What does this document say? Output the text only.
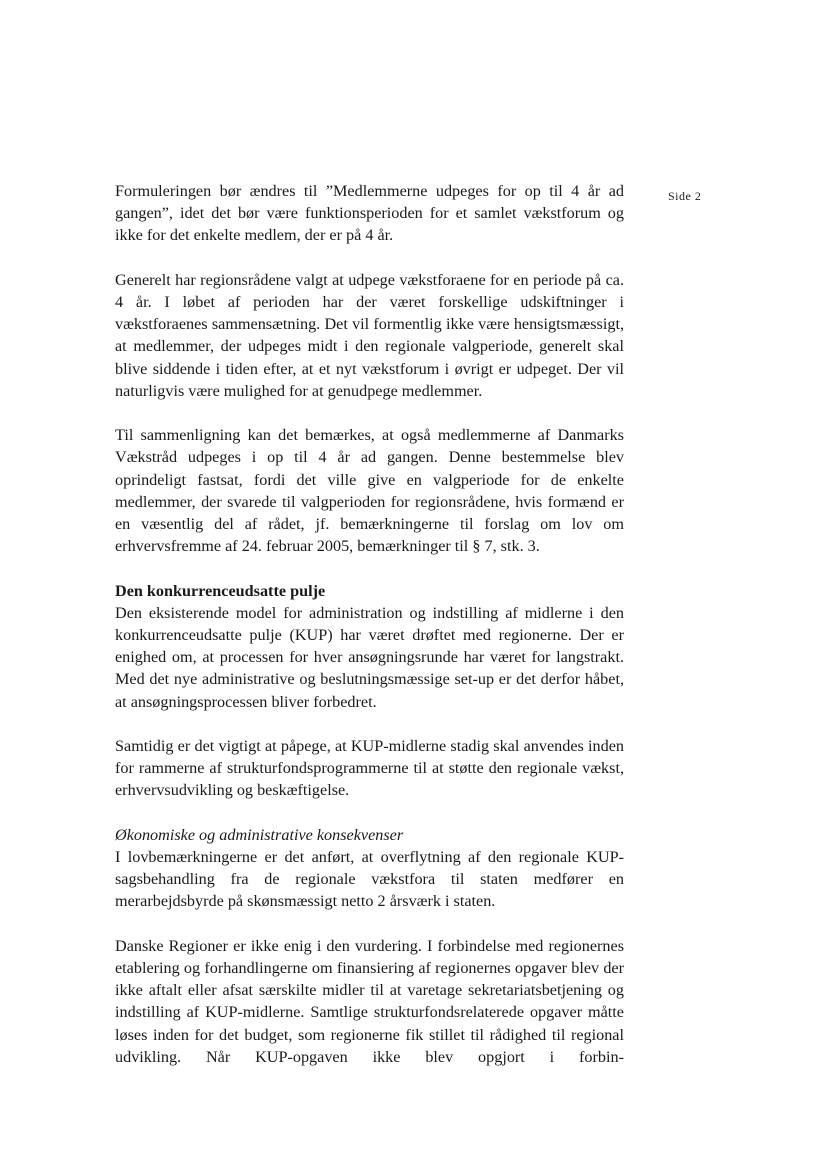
Side 2

Formuleringen bør ændres til ”Medlemmerne udpeges for op til 4 år ad gangen”, idet det bør være funktionsperioden for et samlet vækstforum og ikke for det enkelte medlem, der er på 4 år.

Generelt har regionsrådene valgt at udpege vækstforaene for en periode på ca. 4 år. I løbet af perioden har der været forskellige udskiftninger i vækstforaenes sammensætning. Det vil formentlig ikke være hensigtsmæssigt, at medlemmer, der udpeges midt i den regionale valgperiode, generelt skal blive siddende i tiden efter, at et nyt vækstforum i øvrigt er udpeget. Der vil naturligvis være mulighed for at genudpege medlemmer.

Til sammenligning kan det bemærkes, at også medlemmerne af Danmarks Vækstråd udpeges i op til 4 år ad gangen. Denne bestemmelse blev oprindeligt fastsat, fordi det ville give en valgperiode for de enkelte medlemmer, der svarede til valgperioden for regionsrådene, hvis formænd er en væsentlig del af rådet, jf. bemærkningerne til forslag om lov om erhvervsfremme af 24. februar 2005, bemærkninger til § 7, stk. 3.

Den konkurrenceudsatte pulje

Den eksisterende model for administration og indstilling af midlerne i den konkurrenceudsatte pulje (KUP) har været drøftet med regionerne. Der er enighed om, at processen for hver ansøgningsrunde har været for langstrakt. Med det nye administrative og beslutningsmæssige set-up er det derfor håbet, at ansøgningsprocessen bliver forbedret.

Samtidig er det vigtigt at påpege, at KUP-midlerne stadig skal anvendes inden for rammerne af strukturfondsprogrammerne til at støtte den regionale vækst, erhvervsudvikling og beskæftigelse.

Økonomiske og administrative konsekvenser

I lovbemærkningerne er det anført, at overflytning af den regionale KUP-sagsbehandling fra de regionale vækstfora til staten medfører en merarbejdsbyrde på skønsmæssigt netto 2 årsværk i staten.

Danske Regioner er ikke enig i den vurdering. I forbindelse med regionernes etablering og forhandlingerne om finansiering af regionernes opgaver blev der ikke aftalt eller afsat særskilte midler til at varetage sekretariatsbetjening og indstilling af KUP-midlerne. Samtlige strukturfondsrelaterede opgaver måtte løses inden for det budget, som regionerne fik stillet til rådighed til regional udvikling. Når KUP-opgaven ikke blev opgjort i forbin-
